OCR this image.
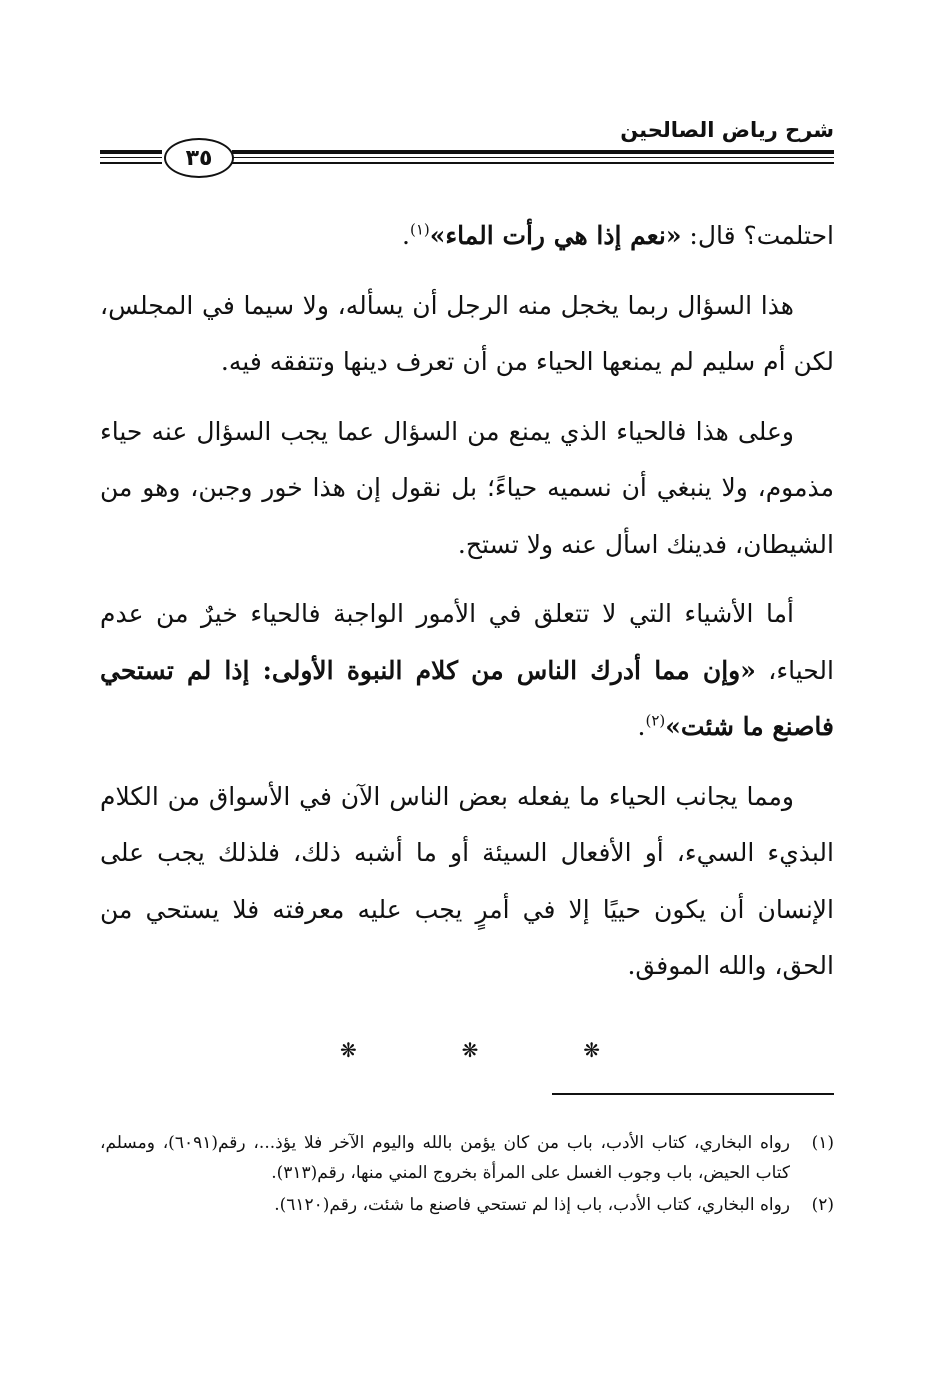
شرح رياض الصالحين
٣٥

احتلمت؟ قال: «نعم إذا هي رأت الماء»$^{(١)}$.

هذا السؤال ربما يخجل منه الرجل أن يسأله، ولا سيما في المجلس، لكن أم سليم لم يمنعها الحياء من أن تعرف دينها وتتفقه فيه.

وعلى هذا فالحياء الذي يمنع من السؤال عما يجب السؤال عنه حياء مذموم، ولا ينبغي أن نسميه حياءً؛ بل نقول إن هذا خور وجبن، وهو من الشيطان، فدينك اسأل عنه ولا تستح.

أما الأشياء التي لا تتعلق في الأمور الواجبة فالحياء خيرٌ من عدم الحياء، «وإن مما أدرك الناس من كلام النبوة الأولى: إذا لم تستحي فاصنع ما شئت»$^{(٢)}$.

ومما يجانب الحياء ما يفعله بعض الناس الآن في الأسواق من الكلام البذيء السيء، أو الأفعال السيئة أو ما أشبه ذلك، فلذلك يجب على الإنسان أن يكون حييًا إلا في أمرٍ يجب عليه معرفته فلا يستحي من الحق، والله الموفق.

❋	❋	❋
(١)
رواه البخاري، كتاب الأدب، باب من كان يؤمن بالله واليوم الآخر فلا يؤذ...، رقم(٦٠٩١)، ومسلم، كتاب الحيض، باب وجوب الغسل على المرأة بخروج المني منها، رقم(٣١٣).
(٢)
رواه البخاري، كتاب الأدب، باب إذا لم تستحي فاصنع ما شئت، رقم(٦١٢٠).
